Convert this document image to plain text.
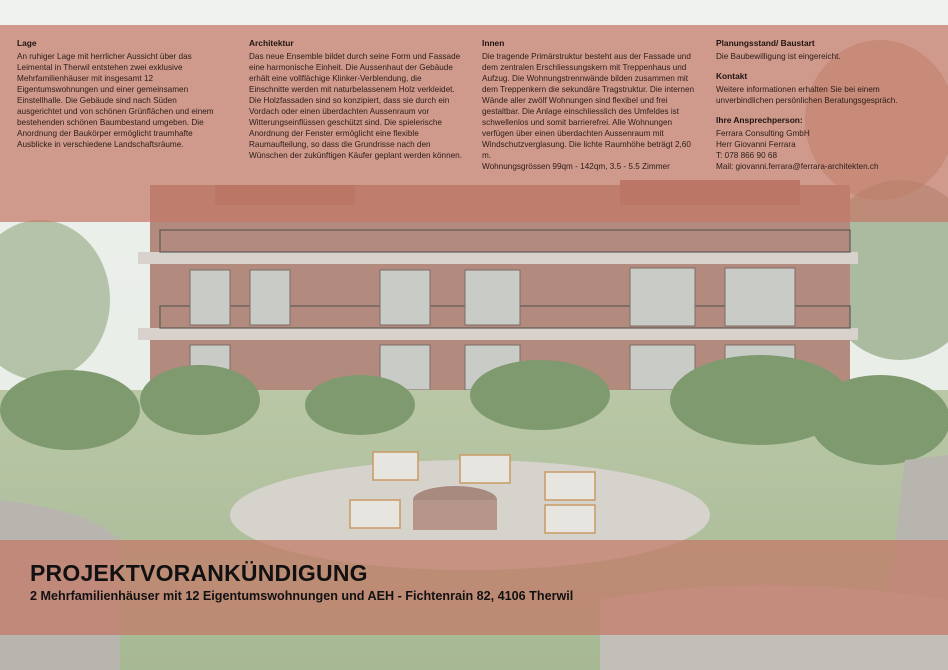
Lage

An ruhiger Lage mit herrlicher Aussicht über das Leimental in Therwil entstehen zwei exklusive Mehrfamilienhäuser mit insgesamt 12 Eigentumswohnungen und einer gemeinsamen Einstellhalle. Die Gebäude sind nach Süden ausgerichtet und von schönen Grünflächen und einem bestehenden schönen Baumbestand umgeben. Die Anordnung der Baukörper ermöglicht traumhafte Ausblicke in verschiedene Landschaftsräume.

Architektur

Das neue Ensemble bildet durch seine Form und Fassade eine harmonische Einheit. Die Aussenhaut der Gebäude erhält eine vollflächige Klinker-Verblendung, die Einschnitte werden mit naturbelassenem Holz verkleidet. Die Holzfassaden sind so konzipiert, dass sie durch ein Vordach oder einen überdachten Aussenraum vor Witterungseinflüssen geschützt sind. Die spielerische Anordnung der Fenster ermöglicht eine flexible Raumaufteilung, so dass die Grundrisse nach den Wünschen der zukünftigen Käufer geplant werden können.

Innen

Die tragende Primärstruktur besteht aus der Fassade und dem zentralen Erschliessungskern mit Treppenhaus und Aufzug. Die Wohnungstrennwände bilden zusammen mit dem Treppenkern die sekundäre Tragstruktur. Die internen Wände aller zwölf Wohnungen sind flexibel und frei gestaltbar. Die Anlage einschliesslich des Umfeldes ist schwellenlos und somit barrierefrei. Alle Wohnungen verfügen über einen überdachten Aussenraum mit Windschutzverglasung. Die lichte Raumhöhe beträgt 2,60 m.

Wohnungsgrössen 99qm - 142qm, 3.5 - 5.5 Zimmer

Planungsstand/ Baustart

Die Baubewilligung ist eingereicht.

Kontakt

Weitere informationen erhalten Sie bei einem unverbindlichen persönlichen Beratungsgespräch.

Ihre Ansprechperson:

Ferrara Consulting GmbH

Herr Giovanni Ferrara

T: 078 866 90 68

Mail: giovanni.ferrara@ferrara-architekten.ch

PROJEKTVORANKÜNDIGUNG
2 Mehrfamilienhäuser mit 12 Eigentumswohnungen und AEH - Fichtenrain 82, 4106 Therwil
